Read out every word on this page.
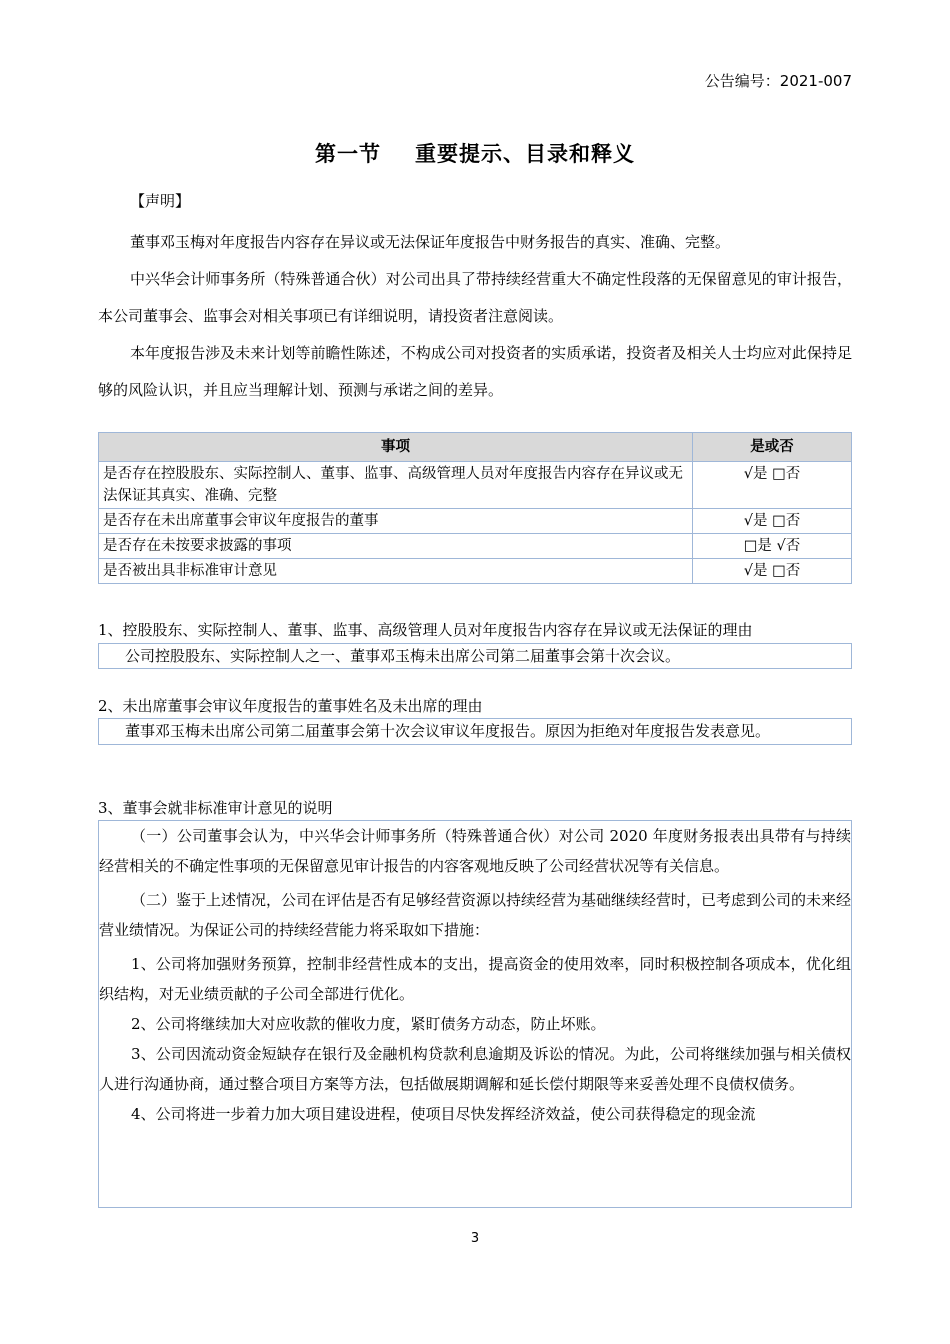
公告编号：2021-007
第一节 重要提示、目录和释义
【声明】

董事邓玉梅对年度报告内容存在异议或无法保证年度报告中财务报告的真实、准确、完整。

中兴华会计师事务所（特殊普通合伙）对公司出具了带持续经营重大不确定性段落的无保留意见的审计报告，本公司董事会、监事会对相关事项已有详细说明，请投资者注意阅读。

本年度报告涉及未来计划等前瞻性陈述，不构成公司对投资者的实质承诺，投资者及相关人士均应对此保持足够的风险认识，并且应当理解计划、预测与承诺之间的差异。

事项	是或否
是否存在控股股东、实际控制人、董事、监事、高级管理人员对年度报告内容存在异议或无法保证其真实、准确、完整	√是 □否
是否存在未出席董事会审议年度报告的董事	√是 □否
是否存在未按要求披露的事项	□是 √否
是否被出具非标准审计意见	√是 □否
1、控股股东、实际控制人、董事、监事、高级管理人员对年度报告内容存在异议或无法保证的理由
公司控股股东、实际控制人之一、董事邓玉梅未出席公司第二届董事会第十次会议。
2、未出席董事会审议年度报告的董事姓名及未出席的理由
董事邓玉梅未出席公司第二届董事会第十次会议审议年度报告。原因为拒绝对年度报告发表意见。
3、董事会就非标准审计意见的说明

（一）公司董事会认为，中兴华会计师事务所（特殊普通合伙）对公司 2020 年度财务报表出具带有与持续经营相关的不确定性事项的无保留意见审计报告的内容客观地反映了公司经营状况等有关信息。

（二）鉴于上述情况，公司在评估是否有足够经营资源以持续经营为基础继续经营时，已考虑到公司的未来经营业绩情况。为保证公司的持续经营能力将采取如下措施：

1、公司将加强财务预算，控制非经营性成本的支出，提高资金的使用效率，同时积极控制各项成本，优化组织结构，对无业绩贡献的子公司全部进行优化。

2、公司将继续加大对应收款的催收力度，紧盯债务方动态，防止坏账。

3、公司因流动资金短缺存在银行及金融机构贷款利息逾期及诉讼的情况。为此，公司将继续加强与相关债权人进行沟通协商，通过整合项目方案等方法，包括做展期调解和延长偿付期限等来妥善处理不良债权债务。

4、公司将进一步着力加大项目建设进程，使项目尽快发挥经济效益，使公司获得稳定的现金流

3
